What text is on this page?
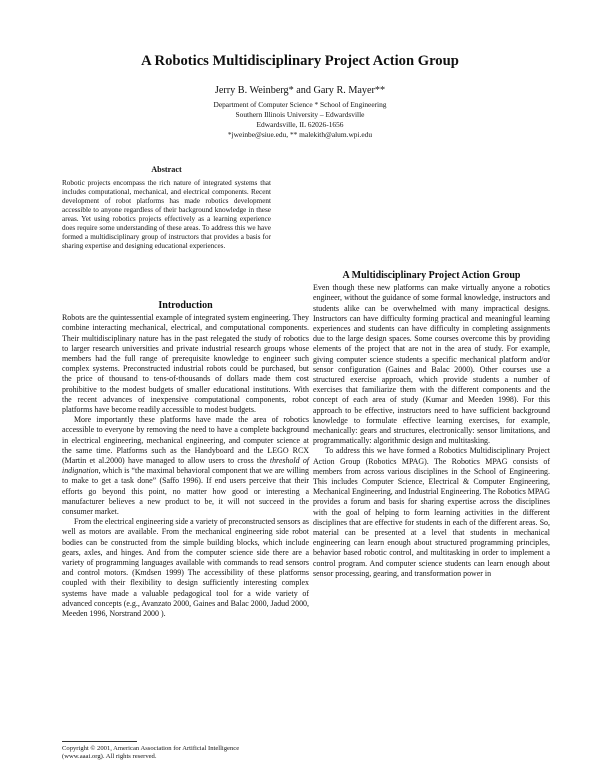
A Robotics Multidisciplinary Project Action Group
Jerry B. Weinberg* and Gary R. Mayer**
Department of Computer Science * School of Engineering
Southern Illinois University – Edwardsville
Edwardsville, IL 62026-1656
*jweinbe@siue.edu, ** malekith@alum.wpi.edu
Abstract

Robotic projects encompass the rich nature of integrated systems that includes computational, mechanical, and electrical components. Recent development of robot platforms has made robotics development accessible to anyone regardless of their background knowledge in these areas. Yet using robotics projects effectively as a learning experience does require some understanding of these areas. To address this we have formed a multidisciplinary group of instructors that provides a basis for sharing expertise and designing educational experiences.

Introduction

Robots are the quintessential example of integrated system engineering. They combine interacting mechanical, electrical, and computational components. Their multidisciplinary nature has in the past relegated the study of robotics to larger research universities and private industrial research groups whose members had the full range of prerequisite knowledge to engineer such complex systems. Preconstructed industrial robots could be purchased, but the price of thousand to tens-of-thousands of dollars made them cost prohibitive to the modest budgets of smaller educational institutions. With the recent advances of inexpensive computational components, robot platforms have become readily accessible to modest budgets.

More importantly these platforms have made the area of robotics accessible to everyone by removing the need to have a complete background in electrical engineering, mechanical engineering, and computer science at the same time. Platforms such as the Handyboard and the LEGO RCX (Martin et al.2000) have managed to allow users to cross the threshold of indignation, which is “the maximal behavioral component that we are willing to make to get a task done” (Saffo 1996). If end users perceive that their efforts go beyond this point, no matter how good or interesting a manufacturer believes a new product to be, it will not succeed in the consumer market.

From the electrical engineering side a variety of preconstructed sensors as well as motors are available. From the mechanical engineering side robot bodies can be constructed from the simple building blocks, which include gears, axles, and hinges. And from the computer science side there are a variety of programming languages available with commands to read sensors and control motors. (Kmdsen 1999) The accessibility of these platforms coupled with their flexibility to design sufficiently interesting complex systems have made a valuable pedagogical tool for a wide variety of advanced concepts (e.g., Avanzato 2000, Gaines and Balac 2000, Jadud 2000, Meeden 1996, Norstrand 2000 ).

A Multidisciplinary Project Action Group

Even though these new platforms can make virtually anyone a robotics engineer, without the guidance of some formal knowledge, instructors and students alike can be overwhelmed with many impractical designs. Instructors can have difficulty forming practical and meaningful learning experiences and students can have difficulty in completing assignments due to the large design spaces. Some courses overcome this by providing elements of the project that are not in the area of study. For example, giving computer science students a specific mechanical platform and/or sensor configuration (Gaines and Balac 2000). Other courses use a structured exercise approach, which provide students a number of exercises that familiarize them with the different components and the concept of each area of study (Kumar and Meeden 1998). For this approach to be effective, instructors need to have sufficient background knowledge to formulate effective learning exercises, for example, mechanically: gears and structures, electronically: sensor limitations, and programmatically: algorithmic design and multitasking.

To address this we have formed a Robotics Multidisciplinary Project Action Group (Robotics MPAG). The Robotics MPAG consists of members from across various disciplines in the School of Engineering. This includes Computer Science, Electrical & Computer Engineering, Mechanical Engineering, and Industrial Engineering. The Robotics MPAG provides a forum and basis for sharing expertise across the disciplines with the goal of helping to form learning activities in the different disciplines that are effective for students in each of the different areas. So, material can be presented at a level that students in mechanical engineering can learn enough about structured programming principles, behavior based robotic control, and multitasking in order to implement a control program. And computer science students can learn enough about sensor processing, gearing, and transformation power in

Copyright © 2001, American Association for Artificial Intelligence
(www.aaai.org). All rights reserved.
